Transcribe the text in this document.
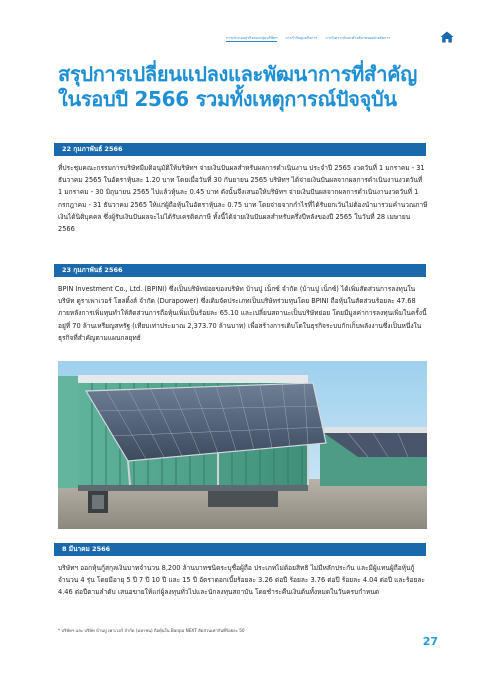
การประกอบธุรกิจของกลุ่มบริษัทฯ การกำกับดูแลกิจการ การวิเคราะห์และคำอธิบายของฝ่ายจัดการ
สรุปการเปลี่ยนแปลงและพัฒนาการที่สำคัญ
ในรอบปี 2566 รวมทั้งเหตุการณ์ปัจจุบัน
22 กุมภาพันธ์ 2566

ที่ประชุมคณะกรรมการบริษัทมีมติอนุมัติให้บริษัทฯ จ่ายเงินปันผลสำหรับผลการดำเนินงาน ประจำปี 2565 งวดวันที่ 1 มกราคม - 31 ธันวาคม 2565 ในอัตราหุ้นละ 1.20 บาท โดยเมื่อวันที่ 30 กันยายน 2565 บริษัทฯ ได้จ่ายเงินปันผลจากผลการดำเนินงานงวดวันที่ 1 มกราคม - 30 มิถุนายน 2565 ไปแล้วหุ้นละ 0.45 บาท ดังนั้นจึงเสนอให้บริษัทฯ จ่ายเงินปันผลจากผลการดำเนินงานงวดวันที่ 1 กรกฎาคม - 31 ธันวาคม 2565 ให้แก่ผู้ถือหุ้นในอัตราหุ้นละ 0.75 บาท โดยจ่ายจากกำไรที่ได้รับยกเว้นไม่ต้องนำมารวมคำนวณภาษีเงินได้นิติบุคคล ซึ่งผู้รับเงินปันผลจะไม่ได้รับเครดิตภาษี ทั้งนี้ได้จ่ายเงินปันผลสำหรับครึ่งปีหลังของปี 2565 ในวันที่ 28 เมษายน 2566

23 กุมภาพันธ์ 2566

BPIN Investment Co., Ltd. (BPINI) ซึ่งเป็นบริษัทย่อยของบริษัท บ้านปู เน็กซ์ จำกัด (บ้านปู เน็กซ์) ได้เพิ่มสัดส่วนการลงทุนในบริษัท ดูราเพาเวอร์ โฮลดิ้งส์ จำกัด (Durapower) ซึ่งเดิมจัดประเภทเป็นบริษัทร่วมทุนโดย BPINI ถือหุ้นในสัดส่วนร้อยละ 47.68 ภายหลังการเพิ่มทุนทำให้สัดส่วนการถือหุ้นเพิ่มเป็นร้อยละ 65.10 และเปลี่ยนสถานะเป็นบริษัทย่อย โดยมีมูลค่าการลงทุนเพิ่มในครั้งนี้อยู่ที่ 70 ล้านเหรียญสหรัฐ (เทียบเท่าประมาณ 2,373.70 ล้านบาท) เพื่อสร้างการเติบโตในธุรกิจระบบกักเก็บพลังงานซึ่งเป็นหนึ่งในธุรกิจที่สำคัญตามแผนกลยุทธ์

8 มีนาคม 2566

บริษัทฯ ออกหุ้นกู้สกุลเงินบาทจำนวน 8,200 ล้านบาทชนิดระบุชื่อผู้ถือ ประเภทไม่ด้อยสิทธิ ไม่มีหลักประกัน และมีผู้แทนผู้ถือหุ้นกู้ จำนวน 4 รุ่น โดยมีอายุ 5 ปี 7 ปี 10 ปี และ 15 ปี อัตราดอกเบี้ยร้อยละ 3.26 ต่อปี ร้อยละ 3.76 ต่อปี ร้อยละ 4.04 ต่อปี และร้อยละ 4.46 ต่อปีตามลำดับ เสนอขายให้แก่ผู้ลงทุนทั่วไปและนักลงทุนสถาบัน โดยชำระคืนเงินต้นทั้งหมดในวันครบกำหนด

* บริษัทฯ และ บริษัท บ้านปู เพาเวอร์ จำกัด (มหาชน) ถือหุ้นใน Banpu NEXT สัดส่วนเท่ากันที่ร้อยละ 50

27
